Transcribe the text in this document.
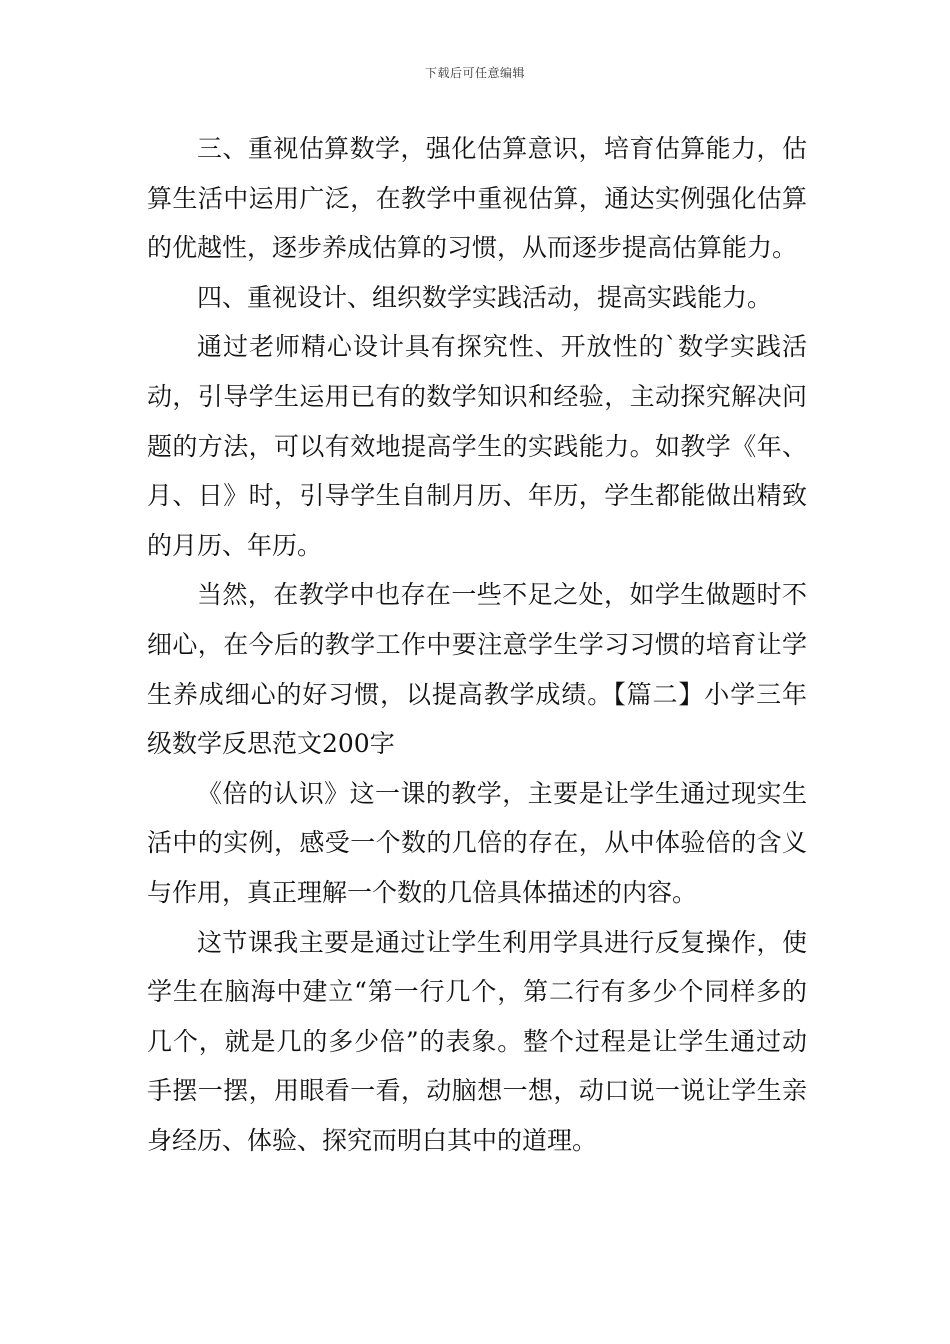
下载后可任意编辑

三、重视估算数学，强化估算意识，培育估算能力，估算生活中运用广泛，在教学中重视估算，通达实例强化估算的优越性，逐步养成估算的习惯，从而逐步提高估算能力。

四、重视设计、组织数学实践活动，提高实践能力。

通过老师精心设计具有探究性、开放性的`数学实践活动，引导学生运用已有的数学知识和经验，主动探究解决问题的方法，可以有效地提高学生的实践能力。如教学《年、月、日》时，引导学生自制月历、年历，学生都能做出精致的月历、年历。

当然，在教学中也存在一些不足之处，如学生做题时不细心，在今后的教学工作中要注意学生学习习惯的培育让学生养成细心的好习惯，以提高教学成绩。【篇二】小学三年级数学反思范文200字

《倍的认识》这一课的教学，主要是让学生通过现实生活中的实例，感受一个数的几倍的存在，从中体验倍的含义与作用，真正理解一个数的几倍具体描述的内容。

这节课我主要是通过让学生利用学具进行反复操作，使学生在脑海中建立“第一行几个，第二行有多少个同样多的几个，就是几的多少倍”的表象。整个过程是让学生通过动手摆一摆，用眼看一看，动脑想一想，动口说一说让学生亲身经历、体验、探究而明白其中的道理。
